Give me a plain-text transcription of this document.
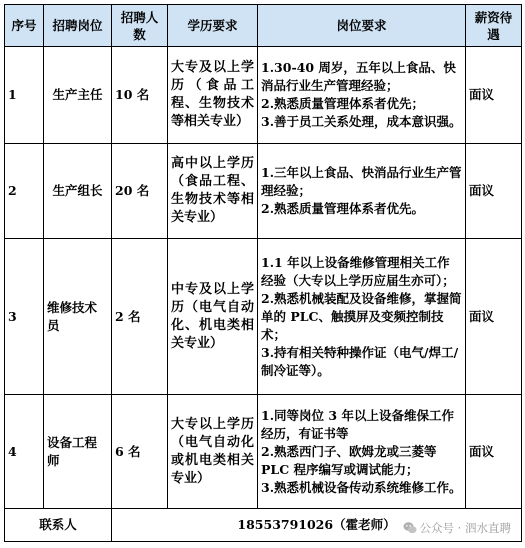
序号	招聘岗位	招聘人数	学历要求	岗位要求	薪资待遇
1	生产主任	10 名	大专及以上学历（食品工程、生物技术等相关专业）	1.30-40 周岁，五年以上食品、快消品行业生产管理经验；
2.熟悉质量管理体系者优先；
3.善于员工关系处理，成本意识强。	面议
2	生产组长	20 名	高中以上学历（食品工程、生物技术等相关专业）	1.三年以上食品、快消品行业生产管理经验；
2.熟悉质量管理体系者优先。	面议
3	维修技术员	2 名	中专及以上学历（电气自动化、机电类相关专业）	1.1 年以上设备维修管理相关工作经验（大专以上学历应届生亦可）；
2.熟悉机械装配及设备维修，掌握简单的 PLC、触摸屏及变频控制技术；
3.持有相关特种操作证（电气/焊工/制冷证等）。	面议
4	设备工程师	6 名	大专以上学历（电气自动化或机电类相关专业）	1.同等岗位 3 年以上设备维保工作经历，有证书等
2.熟悉西门子、欧姆龙或三菱等 PLC 程序编写或调试能力；
3.熟悉机械设备传动系统维修工作。	面议
联系人		18553791026（霍老师）			公众号 · 泗水直聘
